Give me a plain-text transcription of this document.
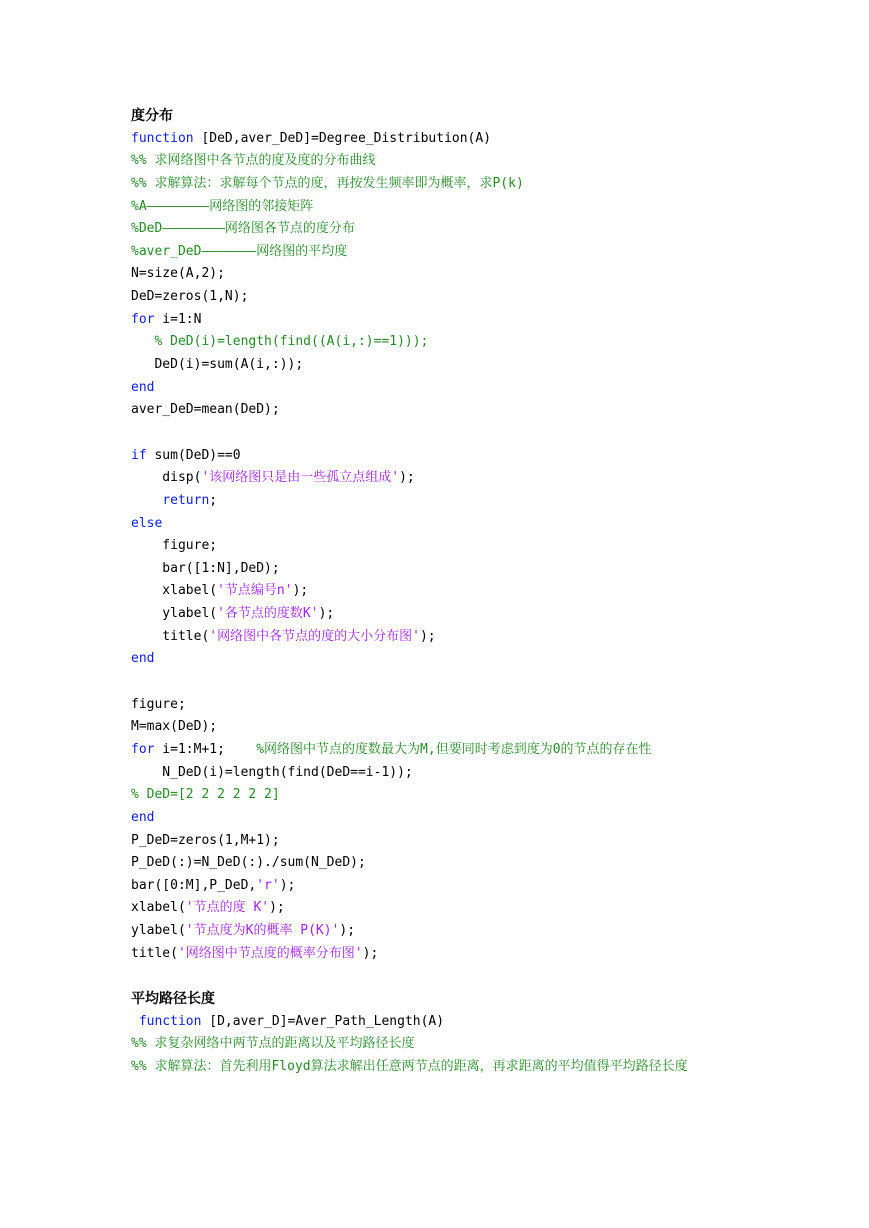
度分布
function [DeD,aver_DeD]=Degree_Distribution(A)
%% 求网络图中各节点的度及度的分布曲线
%% 求解算法：求解每个节点的度，再按发生频率即为概率，求P(k)
%A————————网络图的邻接矩阵
%DeD————————网络图各节点的度分布
%aver_DeD———————网络图的平均度
N=size(A,2);
DeD=zeros(1,N);
for i=1:N
% DeD(i)=length(find((A(i,:)==1)));
DeD(i)=sum(A(i,:));
end
aver_DeD=mean(DeD);
if sum(DeD)==0
disp('该网络图只是由一些孤立点组成');
return;
else
figure;
bar([1:N],DeD);
xlabel('节点编号n');
ylabel('各节点的度数K');
title('网络图中各节点的度的大小分布图');
end
figure;
M=max(DeD);
for i=1:M+1;    %网络图中节点的度数最大为M,但要同时考虑到度为0的节点的存在性
N_DeD(i)=length(find(DeD==i-1));
% DeD=[2 2 2 2 2 2]
end
P_DeD=zeros(1,M+1);
P_DeD(:)=N_DeD(:)./sum(N_DeD);
bar([0:M],P_DeD,'r');
xlabel('节点的度 K');
ylabel('节点度为K的概率 P(K)');
title('网络图中节点度的概率分布图');
平均路径长度
function [D,aver_D]=Aver_Path_Length(A)
%% 求复杂网络中两节点的距离以及平均路径长度
%% 求解算法：首先利用Floyd算法求解出任意两节点的距离，再求距离的平均值得平均路径长度
